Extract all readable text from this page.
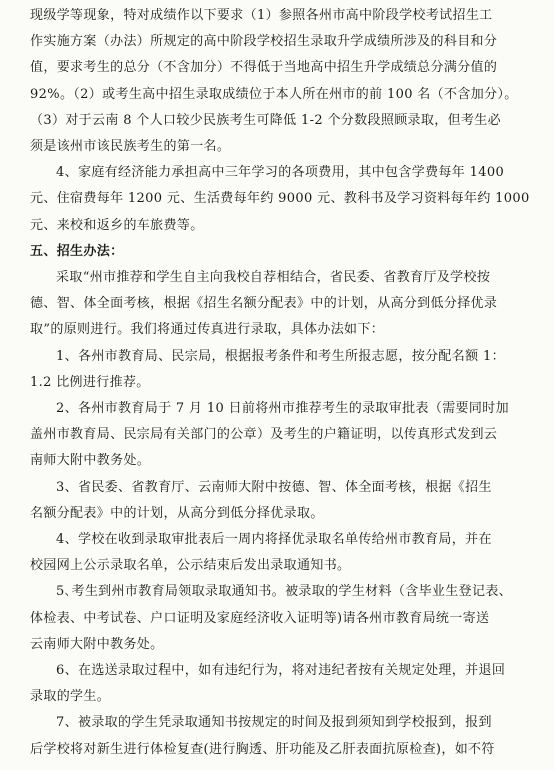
现级学等现象，特对成绩作以下要求（1）参照各州市高中阶段学校考试招生工

作实施方案（办法）所规定的高中阶段学校招生录取升学成绩所涉及的科目和分

值，要求考生的总分（不含加分）不得低于当地高中招生升学成绩总分满分值的

92%。（2）或考生高中招生录取成绩位于本人所在州市的前 100 名（不含加分）。

（3）对于云南 8 个人口较少民族考生可降低 1-2 个分数段照顾录取，但考生必

须是该州市该民族考生的第一名。

4、家庭有经济能力承担高中三年学习的各项费用，其中包含学费每年 1400

元、住宿费每年 1200 元、生活费每年约 9000 元、教科书及学习资料每年约 1000

元、来校和返乡的车旅费等。

五、招生办法：

采取“州市推荐和学生自主向我校自荐相结合，省民委、省教育厅及学校按

德、智、体全面考核，根据《招生名额分配表》中的计划，从高分到低分择优录

取”的原则进行。我们将通过传真进行录取，具体办法如下：

1、各州市教育局、民宗局，根据报考条件和考生所报志愿，按分配名额 1：

1.2 比例进行推荐。

2、各州市教育局于 7 月 10 日前将州市推荐考生的录取审批表（需要同时加

盖州市教育局、民宗局有关部门的公章）及考生的户籍证明，以传真形式发到云

南师大附中教务处。

3、省民委、省教育厅、云南师大附中按德、智、体全面考核，根据《招生

名额分配表》中的计划，从高分到低分择优录取。

4、学校在收到录取审批表后一周内将择优录取名单传给州市教育局，并在

校园网上公示录取名单，公示结束后发出录取通知书。

5､考生到州市教育局领取录取通知书。被录取的学生材料（含毕业生登记表、

体检表、中考试卷、户口证明及家庭经济收入证明等)请各州市教育局统一寄送

云南师大附中教务处。

6、在选送录取过程中，如有违纪行为，将对违纪者按有关规定处理，并退回

录取的学生。

7、被录取的学生凭录取通知书按规定的时间及报到须知到学校报到，报到

后学校将对新生进行体检复查(进行胸透、肝功能及乙肝表面抗原检查)，如不符
